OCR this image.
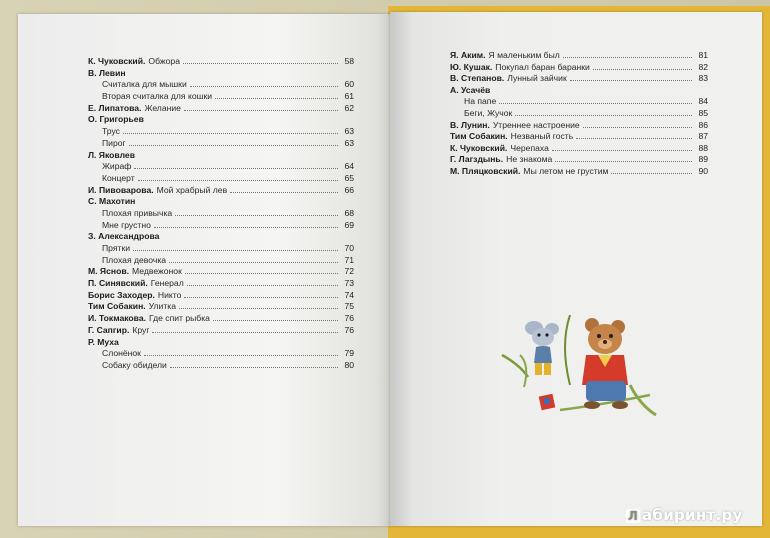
К. Чуковский. Обжора	58
В. Левин
Считалка для мышки	60
Вторая считалка для кошки	61
Е. Липатова. Желание	62
О. Григорьев
Трус	63
Пирог	63
Л. Яковлев
Жираф	64
Концерт	65
И. Пивоварова. Мой храбрый лев	66
С. Махотин
Плохая привычка	68
Мне грустно	69
З. Александрова
Прятки	70
Плохая девочка	71
М. Яснов. Медвежонок	72
П. Синявский. Генерал	73
Борис Заходер. Никто	74
Тим Собакин. Улитка	75
И. Токмакова. Где спит рыбка	76
Г. Сапгир. Круг	76
Р. Муха
Слонёнок	79
Собаку обидели	80
Я. Аким. Я маленьким был	81
Ю. Кушак. Покупал баран баранки	82
В. Степанов. Лунный зайчик	83
А. Усачёв
На папе	84
Беги, Жучок	85
В. Лунин. Утреннее настроение	86
Тим Собакин. Незваный гость	87
К. Чуковский. Черепаха	88
Г. Лагздынь. Не знакома	89
М. Пляцковский. Мы летом не грустим	90
Л абиринт.ру
